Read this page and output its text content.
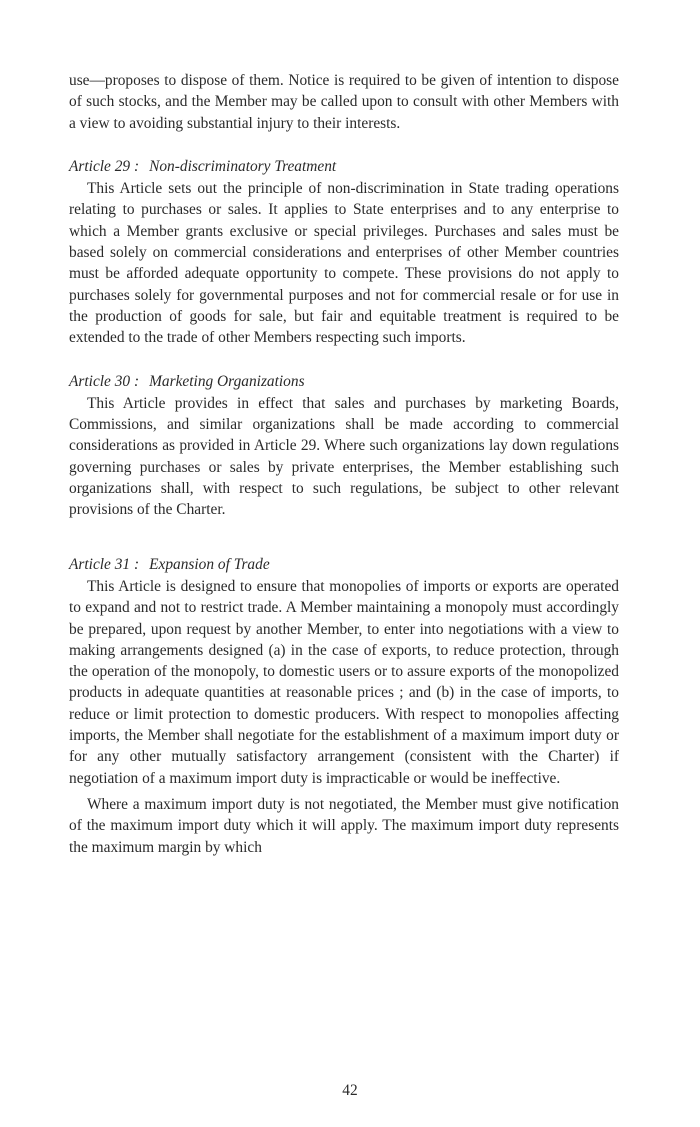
use—proposes to dispose of them. Notice is required to be given of intention to dispose of such stocks, and the Member may be called upon to consult with other Members with a view to avoiding substantial injury to their interests.

Article 29 : Non-discriminatory Treatment

This Article sets out the principle of non-discrimination in State trading operations relating to purchases or sales. It applies to State enterprises and to any enterprise to which a Member grants exclusive or special privileges. Purchases and sales must be based solely on commercial considerations and enterprises of other Member countries must be afforded adequate opportunity to compete. These provisions do not apply to purchases solely for governmental purposes and not for commercial resale or for use in the production of goods for sale, but fair and equitable treatment is required to be extended to the trade of other Members respecting such imports.

Article 30 : Marketing Organizations

This Article provides in effect that sales and purchases by marketing Boards, Commissions, and similar organizations shall be made according to commercial considerations as provided in Article 29. Where such organizations lay down regulations governing purchases or sales by private enterprises, the Member establishing such organizations shall, with respect to such regulations, be subject to other relevant provisions of the Charter.

Article 31 : Expansion of Trade

This Article is designed to ensure that monopolies of imports or exports are operated to expand and not to restrict trade. A Member maintaining a monopoly must accordingly be prepared, upon request by another Member, to enter into negotiations with a view to making arrangements designed (a) in the case of exports, to reduce protection, through the operation of the monopoly, to domestic users or to assure exports of the monopolized products in adequate quantities at reasonable prices ; and (b) in the case of imports, to reduce or limit protection to domestic producers. With respect to monopolies affecting imports, the Member shall negotiate for the establishment of a maximum import duty or for any other mutually satisfactory arrangement (consistent with the Charter) if negotiation of a maximum import duty is impracticable or would be ineffective.

Where a maximum import duty is not negotiated, the Member must give notification of the maximum import duty which it will apply. The maximum import duty represents the maximum margin by which

42
